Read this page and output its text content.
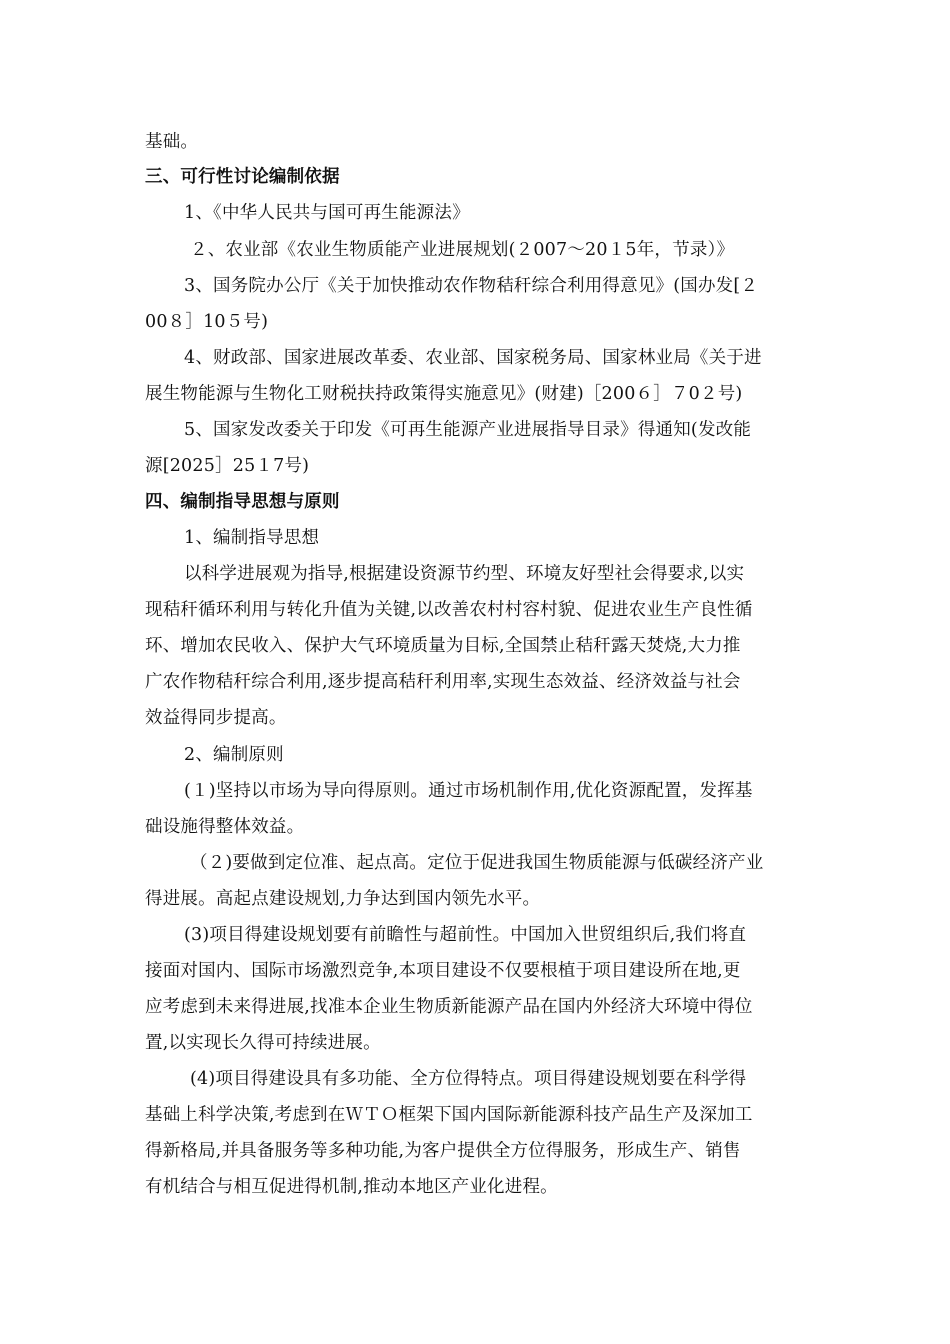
基础。
三、可行性讨论编制依据
1、《中华人民共与国可再生能源法》
２、农业部《农业生物质能产业进展规划(２007～20１5年，节录）》
3、国务院办公厅《关于加快推动农作物秸秆综合利用得意见》(国办发[２
00８］10５号)
4、财政部、国家进展改革委、农业部、国家税务局、国家林业局《关于进
展生物能源与生物化工财税扶持政策得实施意见》(财建)［200６］７0２号)
5、国家发改委关于印发《可再生能源产业进展指导目录》得通知(发改能
源[2025］25１7号)
四、编制指导思想与原则
1、编制指导思想
以科学进展观为指导,根据建设资源节约型、环境友好型社会得要求,以实
现秸秆循环利用与转化升值为关键,以改善农村村容村貌、促进农业生产良性循
环、增加农民收入、保护大气环境质量为目标,全国禁止秸秆露天焚烧,大力推
广农作物秸秆综合利用,逐步提高秸秆利用率,实现生态效益、经济效益与社会
效益得同步提高。
2、编制原则
(１)坚持以市场为导向得原则。通过市场机制作用,优化资源配置，发挥基
础设施得整体效益。
（２)要做到定位准、起点高。定位于促进我国生物质能源与低碳经济产业
得进展。高起点建设规划,力争达到国内领先水平。
(3)项目得建设规划要有前瞻性与超前性。中国加入世贸组织后,我们将直
接面对国内、国际市场激烈竞争,本项目建设不仅要根植于项目建设所在地,更
应考虑到未来得进展,找准本企业生物质新能源产品在国内外经济大环境中得位
置,以实现长久得可持续进展。
(4)项目得建设具有多功能、全方位得特点。项目得建设规划要在科学得
基础上科学决策,考虑到在ＷＴＯ框架下国内国际新能源科技产品生产及深加工
得新格局,并具备服务等多种功能,为客户提供全方位得服务，形成生产、销售
有机结合与相互促进得机制,推动本地区产业化进程。
